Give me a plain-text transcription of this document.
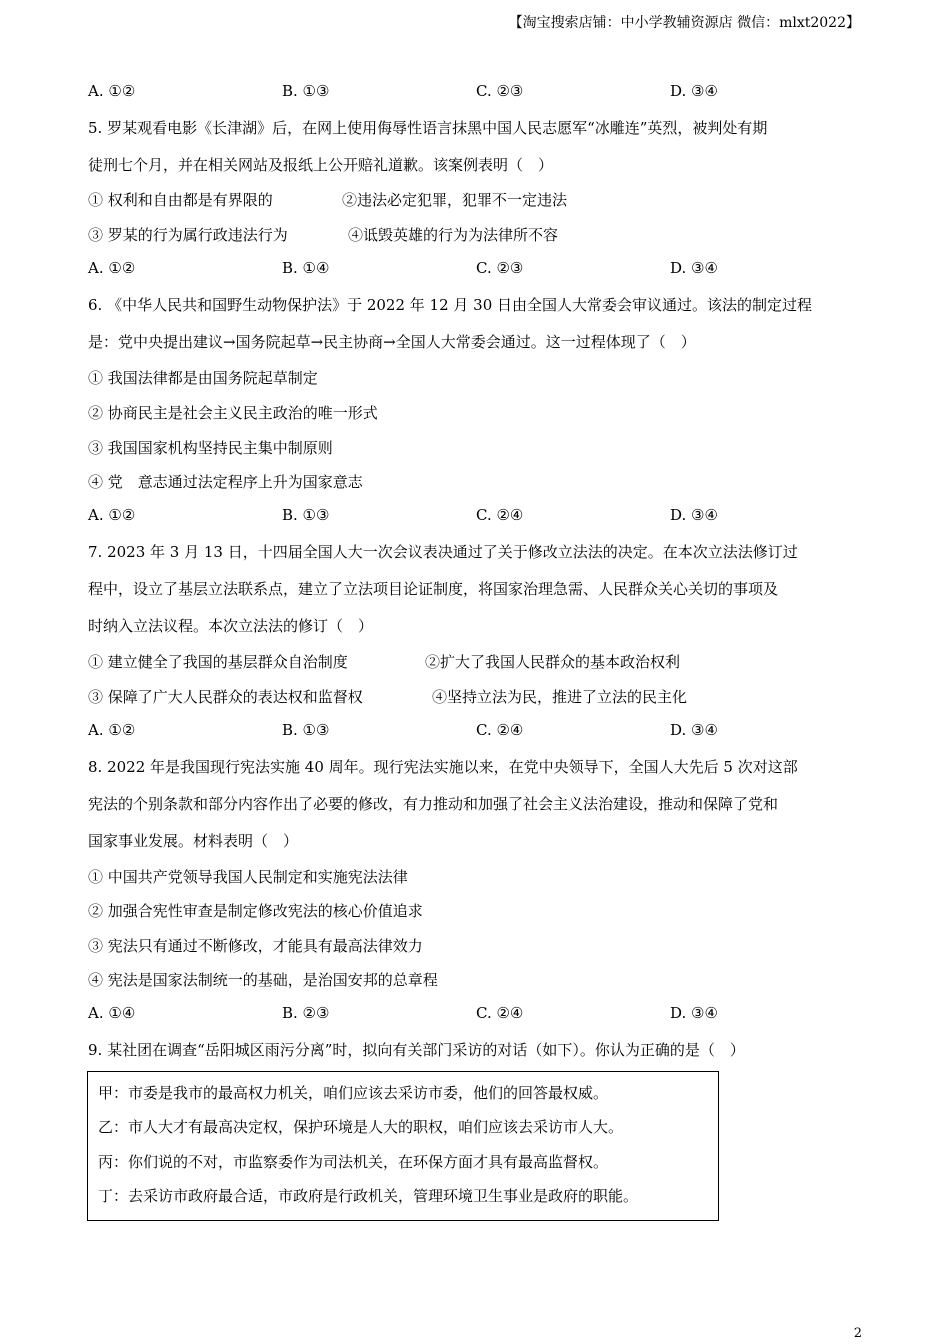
【淘宝搜索店铺：中小学教辅资源店 微信：mlxt2022】
A. ①②	B. ①③	C. ②③	D. ③④
5. 罗某观看电影《长津湖》后，在网上使用侮辱性语言抹黑中国人民志愿军“冰雕连”英烈，被判处有期
徒刑七个月，并在相关网站及报纸上公开赔礼道歉。该案例表明（　）
① 权利和自由都是有界限的	②违法必定犯罪，犯罪不一定违法
③ 罗某的行为属行政违法行为	④诋毁英雄的行为为法律所不容
A. ①②	B. ①④	C. ②③	D. ③④
6. 《中华人民共和国野生动物保护法》于 2022 年 12 月 30 日由全国人大常委会审议通过。该法的制定过程
是：党中央提出建议→国务院起草→民主协商→全国人大常委会通过。这一过程体现了（　）
① 我国法律都是由国务院起草制定
② 协商民主是社会主义民主政治的唯一形式
③ 我国国家机构坚持民主集中制原则
④ 党　意志通过法定程序上升为国家意志
A. ①②	B. ①③	C. ②④	D. ③④
7. 2023 年 3 月 13 日，十四届全国人大一次会议表决通过了关于修改立法法的决定。在本次立法法修订过
程中，设立了基层立法联系点，建立了立法项目论证制度，将国家治理急需、人民群众关心关切的事项及
时纳入立法议程。本次立法法的修订（　）
① 建立健全了我国的基层群众自治制度	②扩大了我国人民群众的基本政治权利
③ 保障了广大人民群众的表达权和监督权	④坚持立法为民，推进了立法的民主化
A. ①②	B. ①③	C. ②④	D. ③④
8. 2022 年是我国现行宪法实施 40 周年。现行宪法实施以来，在党中央领导下，全国人大先后 5 次对这部
宪法的个别条款和部分内容作出了必要的修改，有力推动和加强了社会主义法治建设，推动和保障了党和
国家事业发展。材料表明（　）
① 中国共产党领导我国人民制定和实施宪法法律
② 加强合宪性审查是制定修改宪法的核心价值追求
③ 宪法只有通过不断修改，才能具有最高法律效力
④ 宪法是国家法制统一的基础，是治国安邦的总章程
A. ①④	B. ②③	C. ②④	D. ③④
9. 某社团在调查“岳阳城区雨污分离”时，拟向有关部门采访的对话（如下）。你认为正确的是（　）
甲：市委是我市的最高权力机关，咱们应该去采访市委，他们的回答最权威。
乙：市人大才有最高决定权，保护环境是人大的职权，咱们应该去采访市人大。
丙：你们说的不对，市监察委作为司法机关，在环保方面才具有最高监督权。
丁：去采访市政府最合适，市政府是行政机关，管理环境卫生事业是政府的职能。
2
